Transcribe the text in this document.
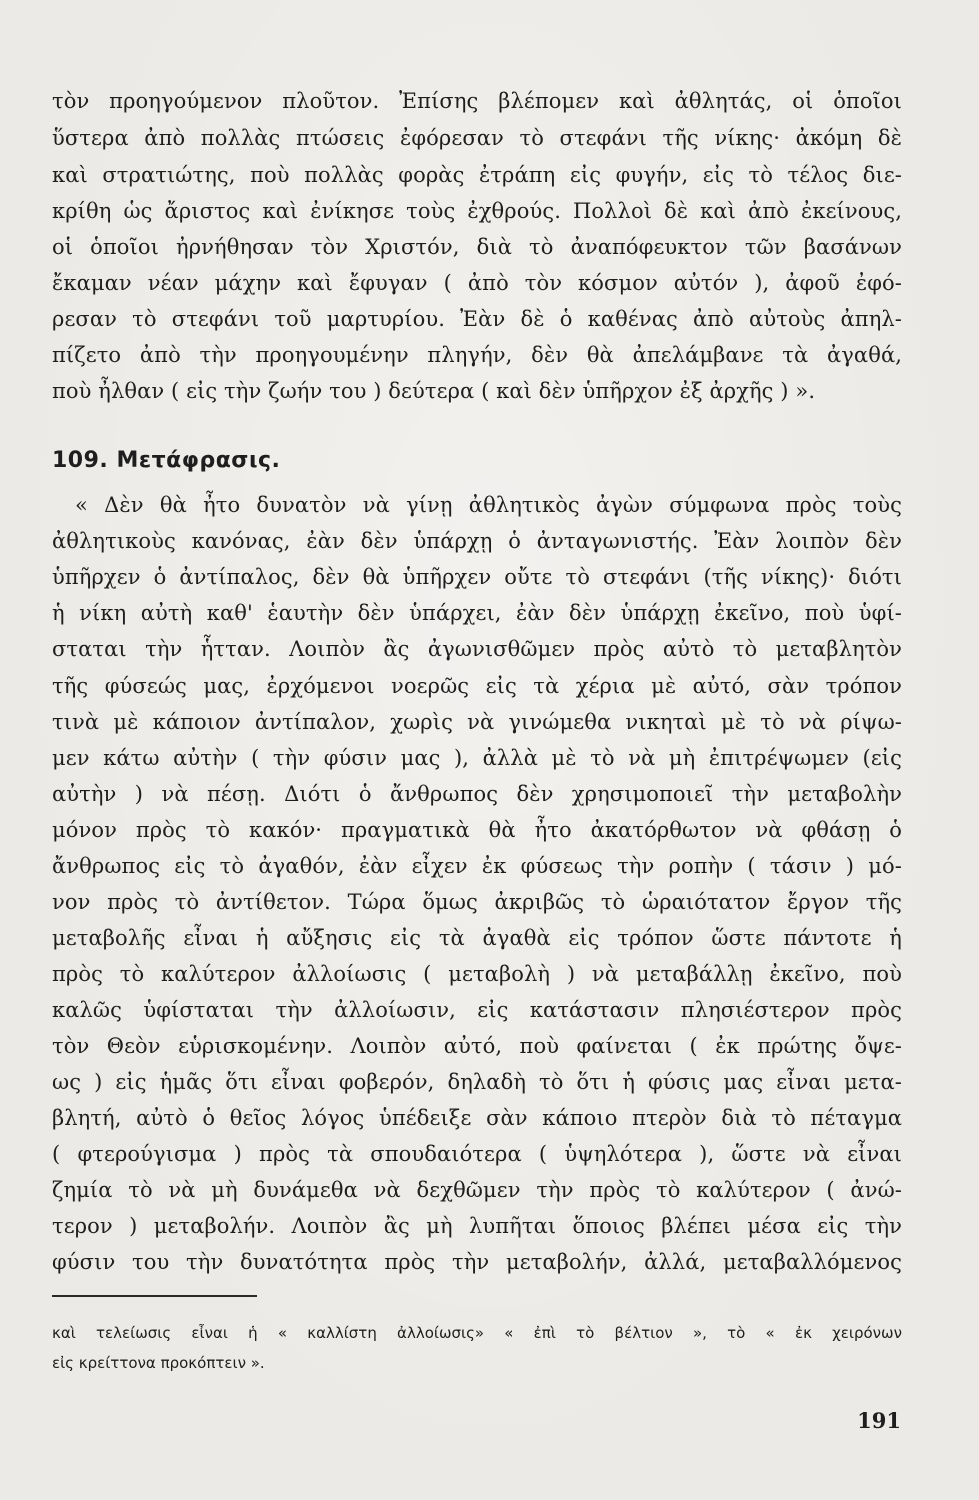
τὸν προηγούμενον πλοῦτον. Ἐπίσης βλέπομεν καὶ ἀθλητάς, οἱ ὁποῖοι
ὕστερα ἀπὸ πολλὰς πτώσεις ἐφόρεσαν τὸ στεφάνι τῆς νίκης· ἀκόμη δὲ
καὶ στρατιώτης, ποὺ πολλὰς φορὰς ἐτράπη εἰς φυγήν, εἰς τὸ τέλος διε-
κρίθη ὡς ἄριστος καὶ ἐνίκησε τοὺς ἐχθρούς. Πολλοὶ δὲ καὶ ἀπὸ ἐκείνους,
οἱ ὁποῖοι ἠρνήθησαν τὸν Χριστόν, διὰ τὸ ἀναπόφευκτον τῶν βασάνων
ἔκαμαν νέαν μάχην καὶ ἔφυγαν ( ἀπὸ τὸν κόσμον αὐτόν ), ἀφοῦ ἐφό-
ρεσαν τὸ στεφάνι τοῦ μαρτυρίου. Ἐὰν δὲ ὁ καθένας ἀπὸ αὐτοὺς ἀπηλ-
πίζετο ἀπὸ τὴν προηγουμένην πληγήν, δὲν θὰ ἀπελάμβανε τὰ ἀγαθά,
ποὺ ἦλθαν ( εἰς τὴν ζωήν του ) δεύτερα ( καὶ δὲν ὑπῆρχον ἐξ ἀρχῆς ) ».
109. Μετάφρασις.
« Δὲν θὰ ἦτο δυνατὸν νὰ γίνῃ ἀθλητικὸς ἀγὼν σύμφωνα πρὸς τοὺς
ἀθλητικοὺς κανόνας, ἐὰν δὲν ὑπάρχῃ ὁ ἀνταγωνιστής. Ἐὰν λοιπὸν δὲν
ὑπῆρχεν ὁ ἀντίπαλος, δὲν θὰ ὑπῆρχεν οὔτε τὸ στεφάνι (τῆς νίκης)· διότι
ἡ νίκη αὐτὴ καθ' ἑαυτὴν δὲν ὑπάρχει, ἐὰν δὲν ὑπάρχῃ ἐκεῖνο, ποὺ ὑφί-
σταται τὴν ἧτταν. Λοιπὸν ἂς ἀγωνισθῶμεν πρὸς αὐτὸ τὸ μεταβλητὸν
τῆς φύσεώς μας, ἐρχόμενοι νοερῶς εἰς τὰ χέρια μὲ αὐτό, σὰν τρόπον
τινὰ μὲ κάποιον ἀντίπαλον, χωρὶς νὰ γινώμεθα νικηταὶ μὲ τὸ νὰ ρίψω-
μεν κάτω αὐτὴν ( τὴν φύσιν μας ), ἀλλὰ μὲ τὸ νὰ μὴ ἐπιτρέψωμεν (εἰς
αὐτὴν ) νὰ πέσῃ. Διότι ὁ ἄνθρωπος δὲν χρησιμοποιεῖ τὴν μεταβολὴν
μόνον πρὸς τὸ κακόν· πραγματικὰ θὰ ἦτο ἀκατόρθωτον νὰ φθάσῃ ὁ
ἄνθρωπος εἰς τὸ ἀγαθόν, ἐὰν εἶχεν ἐκ φύσεως τὴν ροπὴν ( τάσιν ) μό-
νον πρὸς τὸ ἀντίθετον. Τώρα ὅμως ἀκριβῶς τὸ ὡραιότατον ἔργον τῆς
μεταβολῆς εἶναι ἡ αὔξησις εἰς τὰ ἀγαθὰ εἰς τρόπον ὥστε πάντοτε ἡ
πρὸς τὸ καλύτερον ἀλλοίωσις ( μεταβολὴ ) νὰ μεταβάλλῃ ἐκεῖνο, ποὺ
καλῶς ὑφίσταται τὴν ἀλλοίωσιν, εἰς κατάστασιν πλησιέστερον πρὸς
τὸν Θεὸν εὑρισκομένην. Λοιπὸν αὐτό, ποὺ φαίνεται ( ἐκ πρώτης ὄψε-
ως ) εἰς ἡμᾶς ὅτι εἶναι φοβερόν, δηλαδὴ τὸ ὅτι ἡ φύσις μας εἶναι μετα-
βλητή, αὐτὸ ὁ θεῖος λόγος ὑπέδειξε σὰν κάποιο πτερὸν διὰ τὸ πέταγμα
( φτερούγισμα ) πρὸς τὰ σπουδαιότερα ( ὑψηλότερα ), ὥστε νὰ εἶναι
ζημία τὸ νὰ μὴ δυνάμεθα νὰ δεχθῶμεν τὴν πρὸς τὸ καλύτερον ( ἀνώ-
τερον ) μεταβολήν. Λοιπὸν ἂς μὴ λυπῆται ὅποιος βλέπει μέσα εἰς τὴν
φύσιν του τὴν δυνατότητα πρὸς τὴν μεταβολήν, ἀλλά, μεταβαλλόμενος
καὶ τελείωσις εἶναι ἡ « καλλίστη ἀλλοίωσις» « ἐπὶ τὸ βέλτιον », τὸ « ἐκ χειρόνων
εἰς κρείττονα προκόπτειν ».
191
